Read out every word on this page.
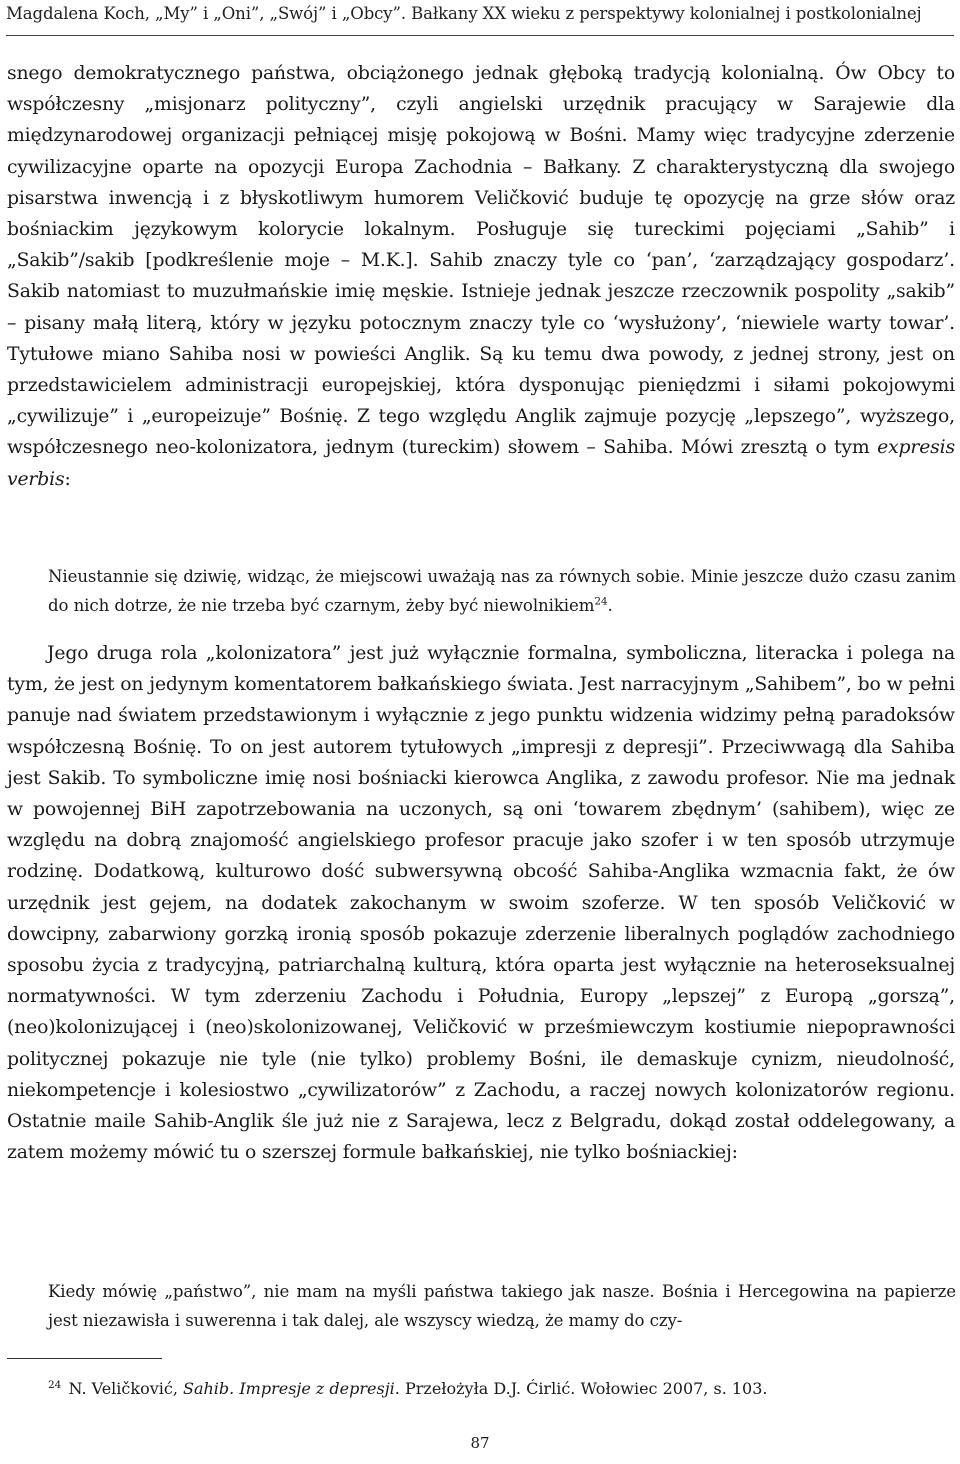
Magdalena Koch, „My” i „Oni”, „Swój” i „Obcy”. Bałkany XX wieku z perspektywy kolonialnej i postkolonialnej

snego demokratycznego państwa, obciążonego jednak głęboką tradycją kolonialną. Ów Obcy to współczesny „misjonarz polityczny”, czyli angielski urzędnik pracujący w Sarajewie dla międzynarodowej organizacji pełniącej misję pokojową w Bośni. Mamy więc tradycyjne zderzenie cywilizacyjne oparte na opozycji Europa Zachodnia – Bałkany. Z charakterystyczną dla swojego pisarstwa inwencją i z błyskotliwym humorem Veličković buduje tę opozycję na grze słów oraz bośniackim językowym kolorycie lokalnym. Posługuje się tureckimi pojęciami „Sahib” i „Sakib”/sakib [podkreślenie moje – M.K.]. Sahib znaczy tyle co ‘pan’, ‘zarządzający gospodarz’. Sakib natomiast to muzułmańskie imię męskie. Istnieje jednak jeszcze rzeczownik pospolity „sakib” – pisany małą literą, który w języku potocznym znaczy tyle co ‘wysłużony’, ‘niewiele warty towar’. Tytułowe miano Sahiba nosi w powieści Anglik. Są ku temu dwa powody, z jednej strony, jest on przedstawicielem administracji europejskiej, która dysponując pieniędzmi i siłami pokojowymi „cywilizuje” i „europeizuje” Bośnię. Z tego względu Anglik zajmuje pozycję „lepszego”, wyższego, współczesnego neo-kolonizatora, jednym (tureckim) słowem – Sahiba. Mówi zresztą o tym expresis verbis:

Nieustannie się dziwię, widząc, że miejscowi uważają nas za równych sobie. Minie jeszcze dużo czasu zanim do nich dotrze, że nie trzeba być czarnym, żeby być niewolnikiem$^{24}$.

Jego druga rola „kolonizatora” jest już wyłącznie formalna, symboliczna, literacka i polega na tym, że jest on jedynym komentatorem bałkańskiego świata. Jest narracyjnym „Sahibem”, bo w pełni panuje nad światem przedstawionym i wyłącznie z jego punktu widzenia widzimy pełną paradoksów współczesną Bośnię. To on jest autorem tytułowych „impresji z depresji”. Przeciwwagą dla Sahiba jest Sakib. To symboliczne imię nosi bośniacki kierowca Anglika, z zawodu profesor. Nie ma jednak w powojennej BiH zapotrzebowania na uczonych, są oni ‘towarem zbędnym’ (sahibem), więc ze względu na dobrą znajomość angielskiego profesor pracuje jako szofer i w ten sposób utrzymuje rodzinę. Dodatkową, kulturowo dość subwersywną obcość Sahiba-Anglika wzmacnia fakt, że ów urzędnik jest gejem, na dodatek zakochanym w swoim szoferze. W ten sposób Veličković w dowcipny, zabarwiony gorzką ironią sposób pokazuje zderzenie liberalnych poglądów zachodniego sposobu życia z tradycyjną, patriarchalną kulturą, która oparta jest wyłącznie na heteroseksualnej normatywności. W tym zderzeniu Zachodu i Południa, Europy „lepszej” z Europą „gorszą”, (neo)kolonizującej i (neo)skolonizowanej, Veličković w prześmiewczym kostiumie niepoprawności politycznej pokazuje nie tyle (nie tylko) problemy Bośni, ile demaskuje cynizm, nieudolność, niekompetencje i kolesiostwo „cywilizatorów” z Zachodu, a raczej nowych kolonizatorów regionu. Ostatnie maile Sahib-Anglik śle już nie z Sarajewa, lecz z Belgradu, dokąd został oddelegowany, a zatem możemy mówić tu o szerszej formule bałkańskiej, nie tylko bośniackiej:

Kiedy mówię „państwo”, nie mam na myśli państwa takiego jak nasze. Bośnia i Hercegowina na papierze jest niezawisła i suwerenna i tak dalej, ale wszyscy wiedzą, że mamy do czy-

$^{24}$ N. Veličković, Sahib. Impresje z depresji. Przełożyła D.J. Ćirlić. Wołowiec 2007, s. 103.
87
